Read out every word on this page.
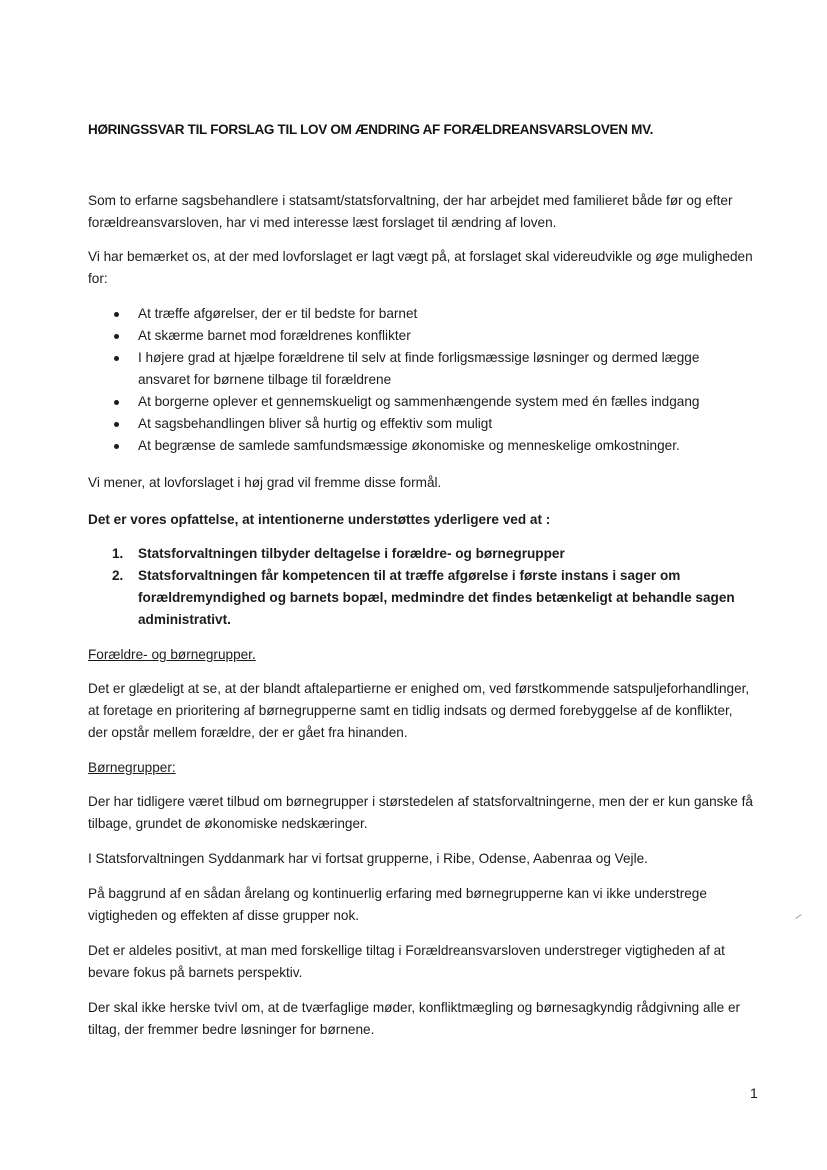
HØRINGSSVAR TIL FORSLAG TIL LOV OM ÆNDRING AF FORÆLDREANSVARSLOVEN MV.

Som to erfarne sagsbehandlere i statsamt/statsforvaltning, der har arbejdet med familieret både før og efter forældreansvarsloven, har vi med interesse læst forslaget til ændring af loven.

Vi har bemærket os, at der med lovforslaget er lagt vægt på, at forslaget skal videreudvikle og øge muligheden for:

At træffe afgørelser, der er til bedste for barnet
At skærme barnet mod forældrenes konflikter
I højere grad at hjælpe forældrene til selv at finde forligsmæssige løsninger og dermed lægge ansvaret for børnene tilbage til forældrene
At borgerne oplever et gennemskueligt og sammenhængende system med én fælles indgang
At sagsbehandlingen bliver så hurtig og effektiv som muligt
At begrænse de samlede samfundsmæssige økonomiske og menneskelige omkostninger.

Vi mener, at lovforslaget i høj grad vil fremme disse formål.

Det er vores opfattelse, at intentionerne understøttes yderligere ved at :

1. Statsforvaltningen tilbyder deltagelse i forældre- og børnegrupper
2. Statsforvaltningen får kompetencen til at træffe afgørelse i første instans i sager om forældremyndighed og barnets bopæl, medmindre det findes betænkeligt at behandle sagen administrativt.

Forældre- og børnegrupper.

Det er glædeligt at se, at der blandt aftalepartierne er enighed om, ved førstkommende satspuljeforhandlinger, at foretage en prioritering af børnegrupperne samt en tidlig indsats og dermed forebyggelse af de konflikter, der opstår mellem forældre, der er gået fra hinanden.

Børnegrupper:

Der har tidligere været tilbud om børnegrupper i størstedelen af statsforvaltningerne, men der er kun ganske få tilbage, grundet de økonomiske nedskæringer.

I Statsforvaltningen Syddanmark har vi fortsat grupperne, i Ribe, Odense, Aabenraa og Vejle.

På baggrund af en sådan årelang og kontinuerlig erfaring med børnegrupperne kan vi ikke understrege vigtigheden og effekten af disse grupper nok.

Det er aldeles positivt, at man med forskellige tiltag i Forældreansvarsloven understreger vigtigheden af at bevare fokus på barnets perspektiv.

Der skal ikke herske tvivl om, at de tværfaglige møder, konfliktmægling og børnesagkyndig rådgivning alle er tiltag, der fremmer bedre løsninger for børnene.

1
